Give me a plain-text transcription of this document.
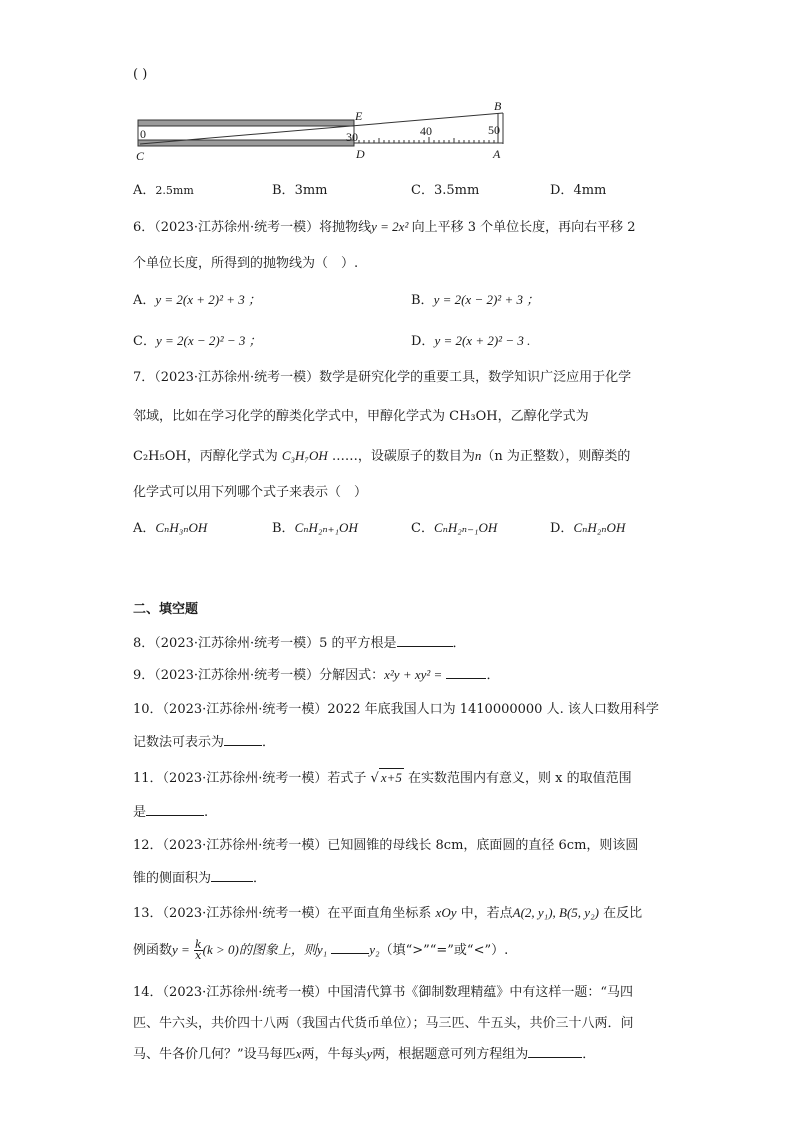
( )
B
E
C	D	A
0	30	40	50
A．2.5mm	B．3mm	C．3.5mm	D．4mm
6．（2023·江苏徐州·统考一模）将抛物线y = 2x² 向上平移 3 个单位长度，再向右平移 2
个单位长度，所得到的抛物线为（　）.
A．y = 2(x + 2)² + 3 ；	B．y = 2(x − 2)² + 3 ；
C．y = 2(x − 2)² − 3 ；	D．y = 2(x + 2)² − 3 .
7．（2023·江苏徐州·统考一模）数学是研究化学的重要工具，数学知识广泛应用于化学
邻域，比如在学习化学的醇类化学式中，甲醇化学式为 CH₃OH，乙醇化学式为
C₂H₅OH，丙醇化学式为 C₃H₇OH ……，设碳原子的数目为n（n 为正整数），则醇类的
化学式可以用下列哪个式子来表示（　）
A．CₙH₃ₙOH	B．CₙH₂ₙ₊₁OH	C．CₙH₂ₙ₋₁OH	D．CₙH₂ₙOH
二、填空题
8．（2023·江苏徐州·统考一模）5 的平方根是	．
9．（2023·江苏徐州·统考一模）分解因式：x²y + xy² =	．
10．（2023·江苏徐州·统考一模）2022 年底我国人口为 1410000000 人. 该人口数用科学
记数法可表示为	．
11．（2023·江苏徐州·统考一模）若式子 √ x+5 在实数范围内有意义，则 x 的取值范围
是	.
12．（2023·江苏徐州·统考一模）已知圆锥的母线长 8cm，底面圆的直径 6cm，则该圆
锥的侧面积为	．
13．（2023·江苏徐州·统考一模）在平面直角坐标系 xOy 中，若点A(2, y₁), B(5, y₂) 在反比
例函数$y = \frac{k}{x} (k > 0)$的图象上，则y₁	y₂（填“>”“=”或“<”）.
14．（2023·江苏徐州·统考一模）中国清代算书《御制数理精蕴》中有这样一题：“马四
匹、牛六头，共价四十八两（我国古代货币单位）；马三匹、牛五头，共价三十八两．问
马、牛各价几何？”设马每匹x两，牛每头y两，根据题意可列方程组为	．
